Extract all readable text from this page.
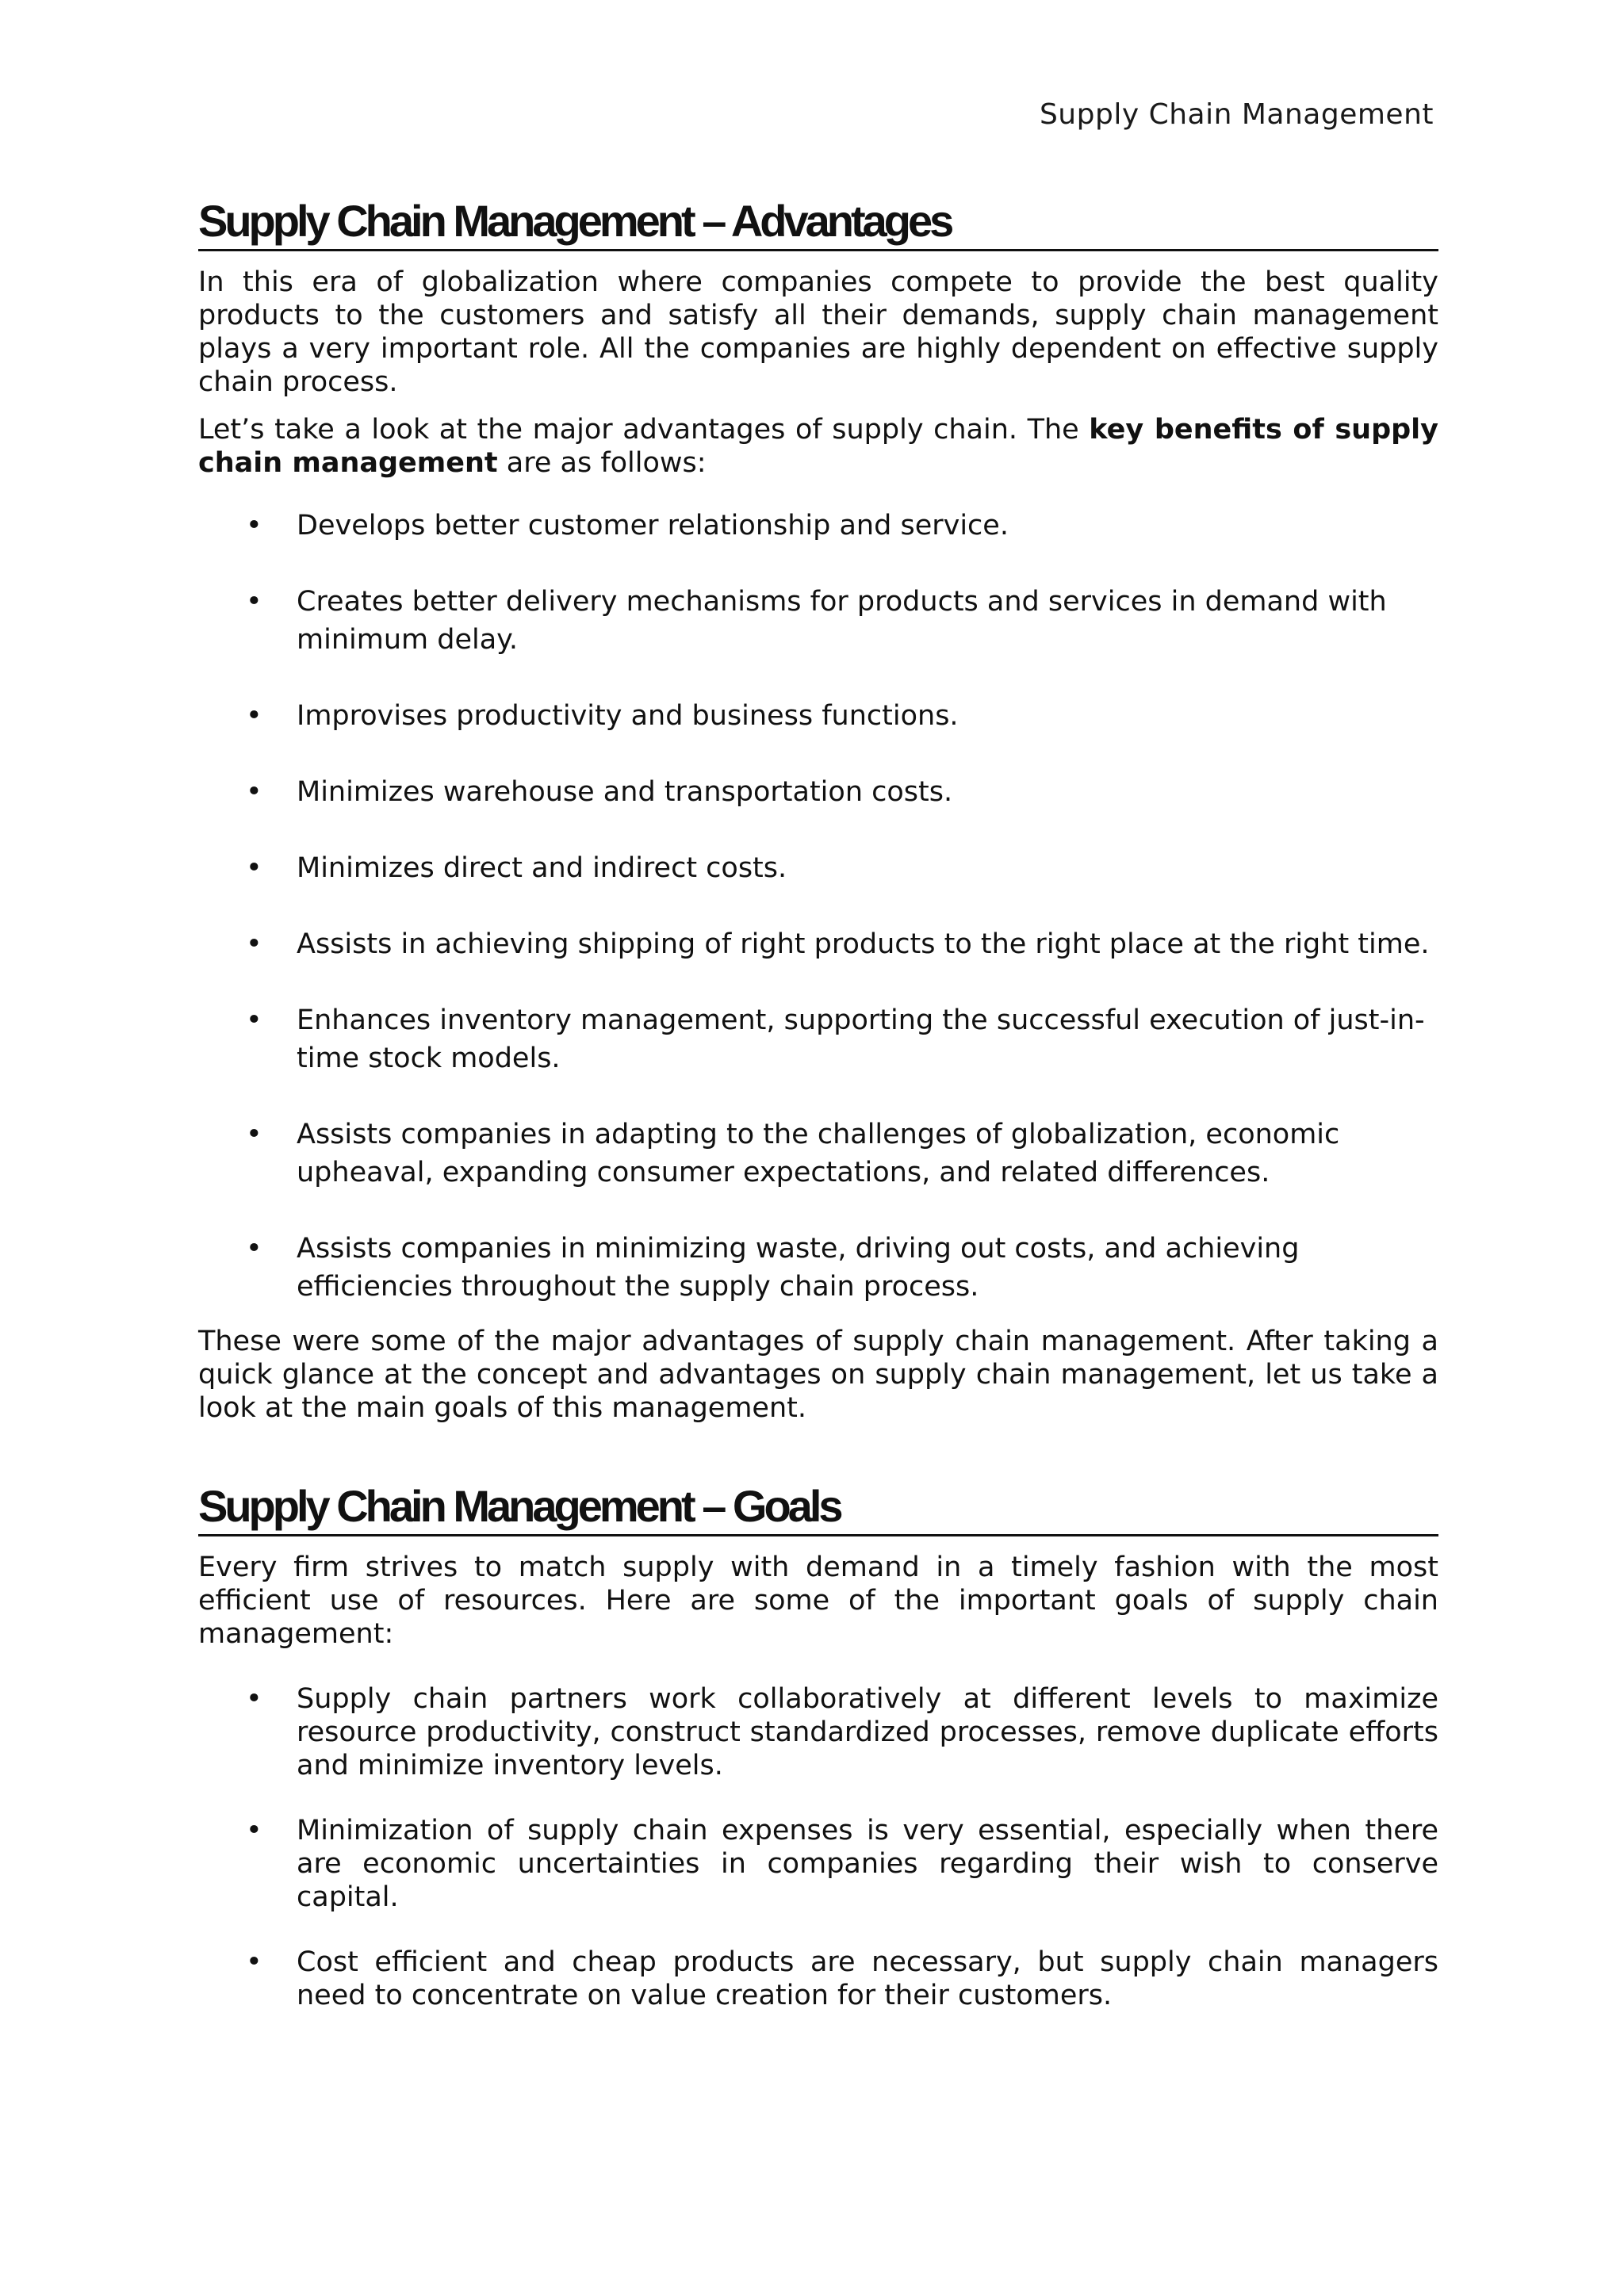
Supply Chain Management
Supply Chain Management – Advantages

In this era of globalization where companies compete to provide the best quality products to the customers and satisfy all their demands, supply chain management plays a very important role. All the companies are highly dependent on effective supply chain process.

Let’s take a look at the major advantages of supply chain. The key benefits of supply chain management are as follows:

• Develops better customer relationship and service.
• Creates better delivery mechanisms for products and services in demand with minimum delay.
• Improvises productivity and business functions.
• Minimizes warehouse and transportation costs.
• Minimizes direct and indirect costs.
• Assists in achieving shipping of right products to the right place at the right time.
• Enhances inventory management, supporting the successful execution of just-in-time stock models.
• Assists companies in adapting to the challenges of globalization, economic upheaval, expanding consumer expectations, and related differences.
• Assists companies in minimizing waste, driving out costs, and achieving efficiencies throughout the supply chain process.

These were some of the major advantages of supply chain management. After taking a quick glance at the concept and advantages on supply chain management, let us take a look at the main goals of this management.

Supply Chain Management – Goals

Every firm strives to match supply with demand in a timely fashion with the most efficient use of resources. Here are some of the important goals of supply chain management:

• Supply chain partners work collaboratively at different levels to maximize resource productivity, construct standardized processes, remove duplicate efforts and minimize inventory levels.
• Minimization of supply chain expenses is very essential, especially when there are economic uncertainties in companies regarding their wish to conserve capital.
• Cost efficient and cheap products are necessary, but supply chain managers need to concentrate on value creation for their customers.
